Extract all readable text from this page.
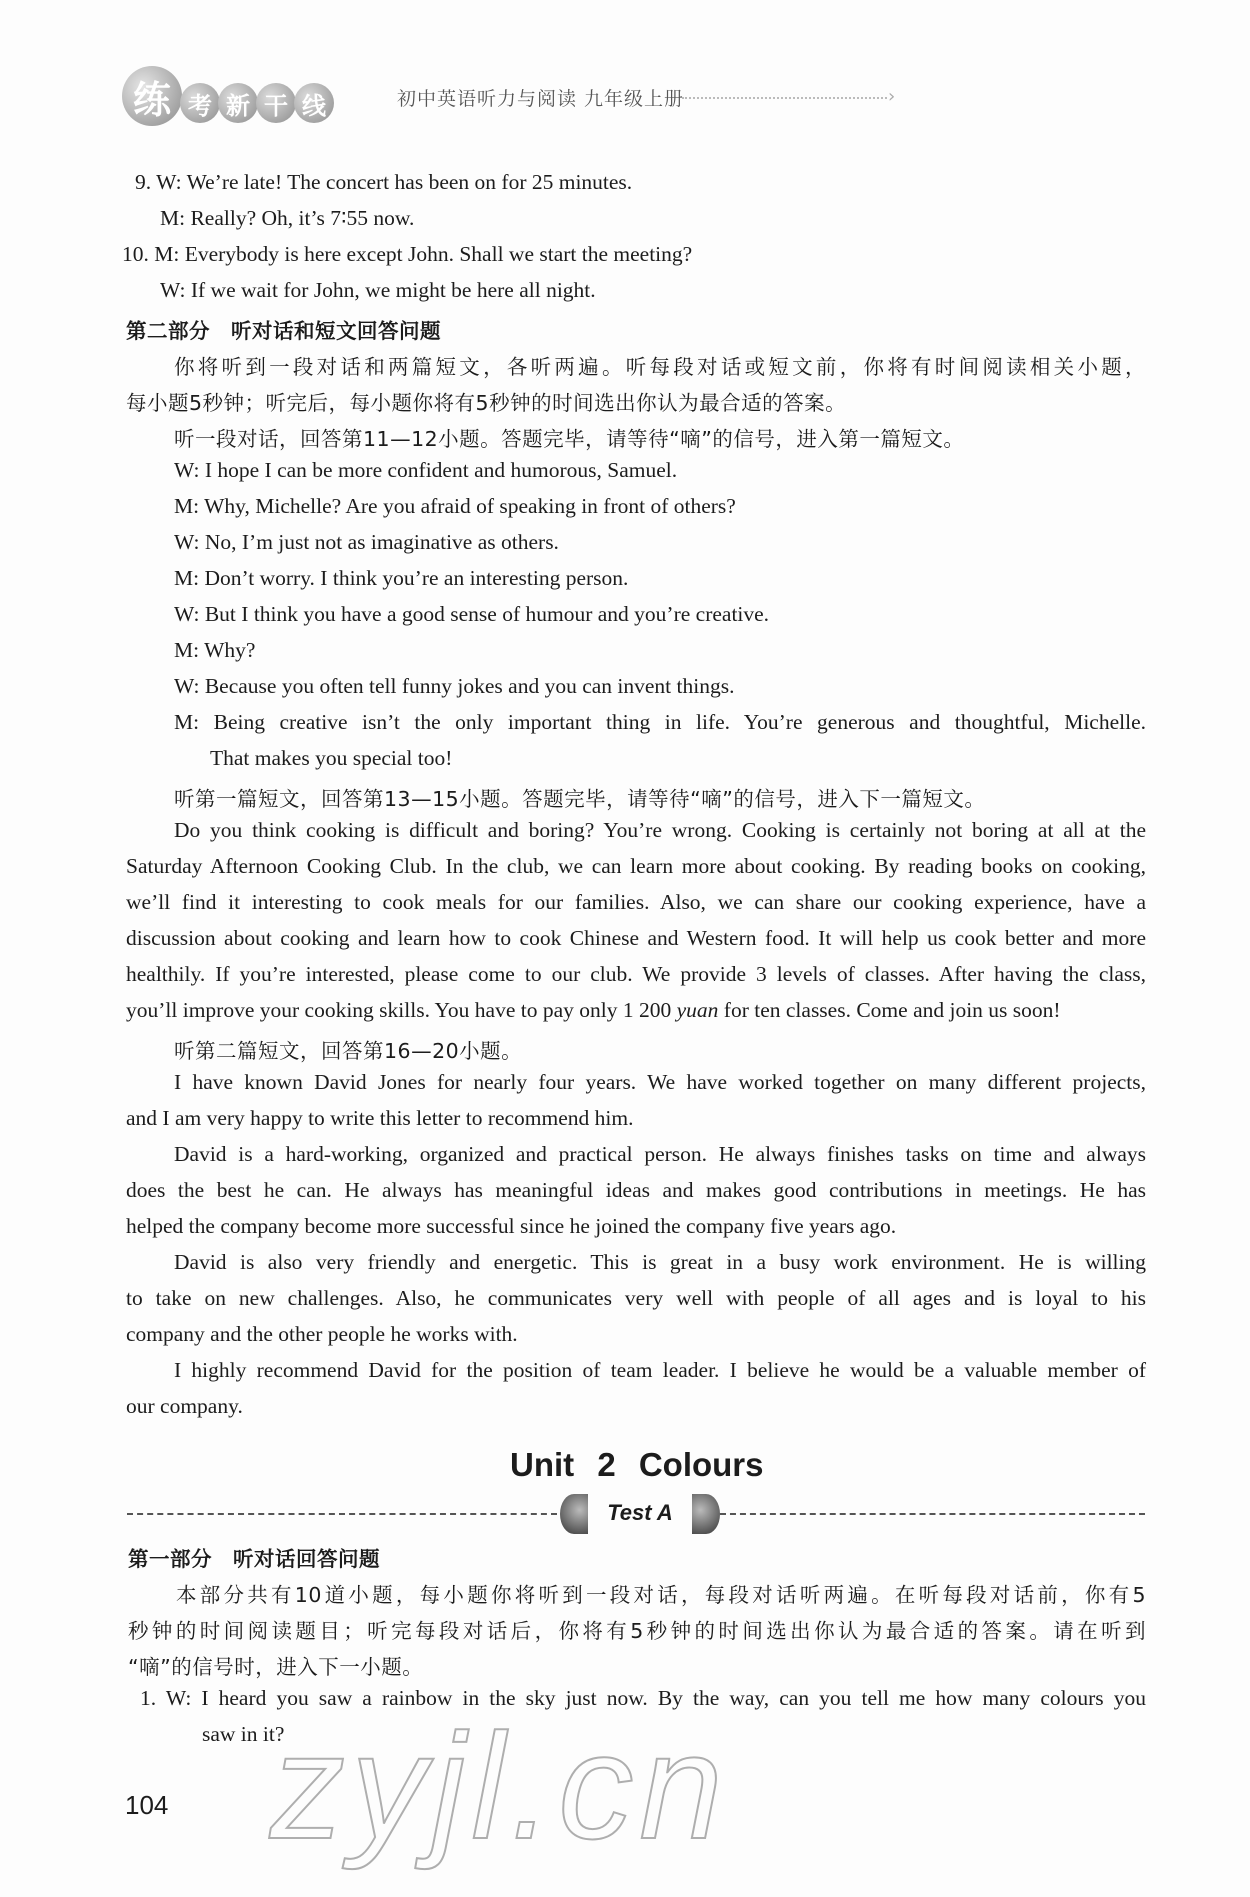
练 考 新 干 线	初中英语听力与阅读 九年级上册	›
9. W: We’re late! The concert has been on for 25 minutes.
M: Really? Oh, it’s 7∶55 now.
10. M: Everybody is here except John. Shall we start the meeting?
W: If we wait for John, we might be here all night.
第二部分　听对话和短文回答问题
你将听到一段对话和两篇短文，各听两遍。听每段对话或短文前，你将有时间阅读相关小题，
每小题5秒钟；听完后，每小题你将有5秒钟的时间选出你认为最合适的答案。
听一段对话，回答第11—12小题。答题完毕，请等待“嘀”的信号，进入第一篇短文。
W: I hope I can be more confident and humorous, Samuel.
M: Why, Michelle? Are you afraid of speaking in front of others?
W: No, I’m just not as imaginative as others.
M: Don’t worry. I think you’re an interesting person.
W: But I think you have a good sense of humour and you’re creative.
M: Why?
W: Because you often tell funny jokes and you can invent things.
M: Being creative isn’t the only important thing in life. You’re generous and thoughtful, Michelle.
That makes you special too!
听第一篇短文，回答第13—15小题。答题完毕，请等待“嘀”的信号，进入下一篇短文。
Do you think cooking is difficult and boring? You’re wrong. Cooking is certainly not boring at all at the
Saturday Afternoon Cooking Club. In the club, we can learn more about cooking. By reading books on cooking,
we’ll find it interesting to cook meals for our families. Also, we can share our cooking experience, have a
discussion about cooking and learn how to cook Chinese and Western food. It will help us cook better and more
healthily. If you’re interested, please come to our club. We provide 3 levels of classes. After having the class,
you’ll improve your cooking skills. You have to pay only 1 200 yuan for ten classes. Come and join us soon!
听第二篇短文，回答第16—20小题。
I have known David Jones for nearly four years. We have worked together on many different projects,
and I am very happy to write this letter to recommend him.
David is a hard-working, organized and practical person. He always finishes tasks on time and always
does the best he can. He always has meaningful ideas and makes good contributions in meetings. He has
helped the company become more successful since he joined the company five years ago.
David is also very friendly and energetic. This is great in a busy work environment. He is willing
to take on new challenges. Also, he communicates very well with people of all ages and is loyal to his
company and the other people he works with.
I highly recommend David for the position of team leader. I believe he would be a valuable member of
our company.
Unit 2 Colours
Test A
第一部分　听对话回答问题
本部分共有10道小题，每小题你将听到一段对话，每段对话听两遍。在听每段对话前，你有5
秒钟的时间阅读题目；听完每段对话后，你将有5秒钟的时间选出你认为最合适的答案。请在听到
“嘀”的信号时，进入下一小题。
1. W: I heard you saw a rainbow in the sky just now. By the way, can you tell me how many colours you
saw in it?
zyjl.cn
104
